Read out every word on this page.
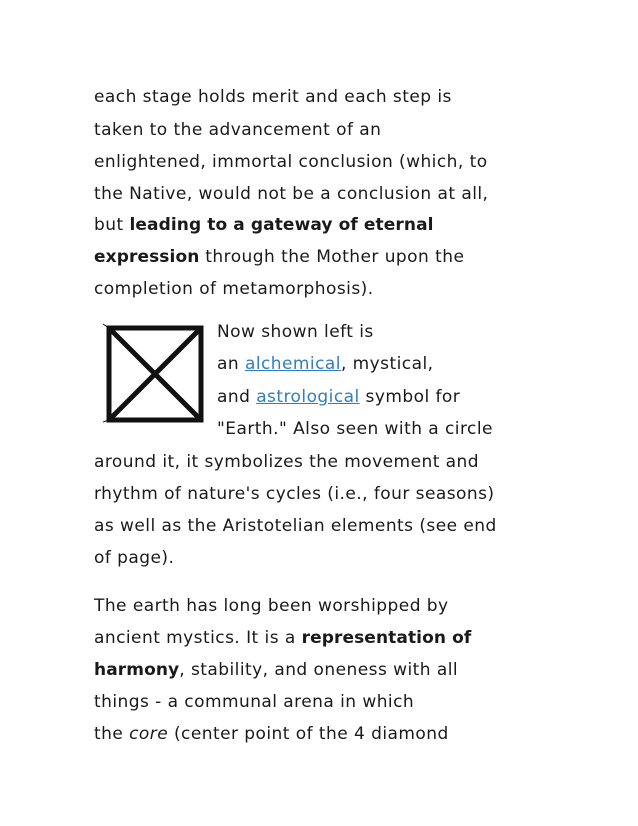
each stage holds merit and each step is
taken to the advancement of an
enlightened, immortal conclusion (which, to
the Native, would not be a conclusion at all,
but leading to a gateway of eternal
expression through the Mother upon the
completion of metamorphosis).
Now shown left is
an alchemical, mystical,
and astrological symbol for
"Earth." Also seen with a circle
around it, it symbolizes the movement and
rhythm of nature's cycles (i.e., four seasons)
as well as the Aristotelian elements (see end
of page).
The earth has long been worshipped by
ancient mystics. It is a representation of
harmony, stability, and oneness with all
things - a communal arena in which
the core (center point of the 4 diamond
